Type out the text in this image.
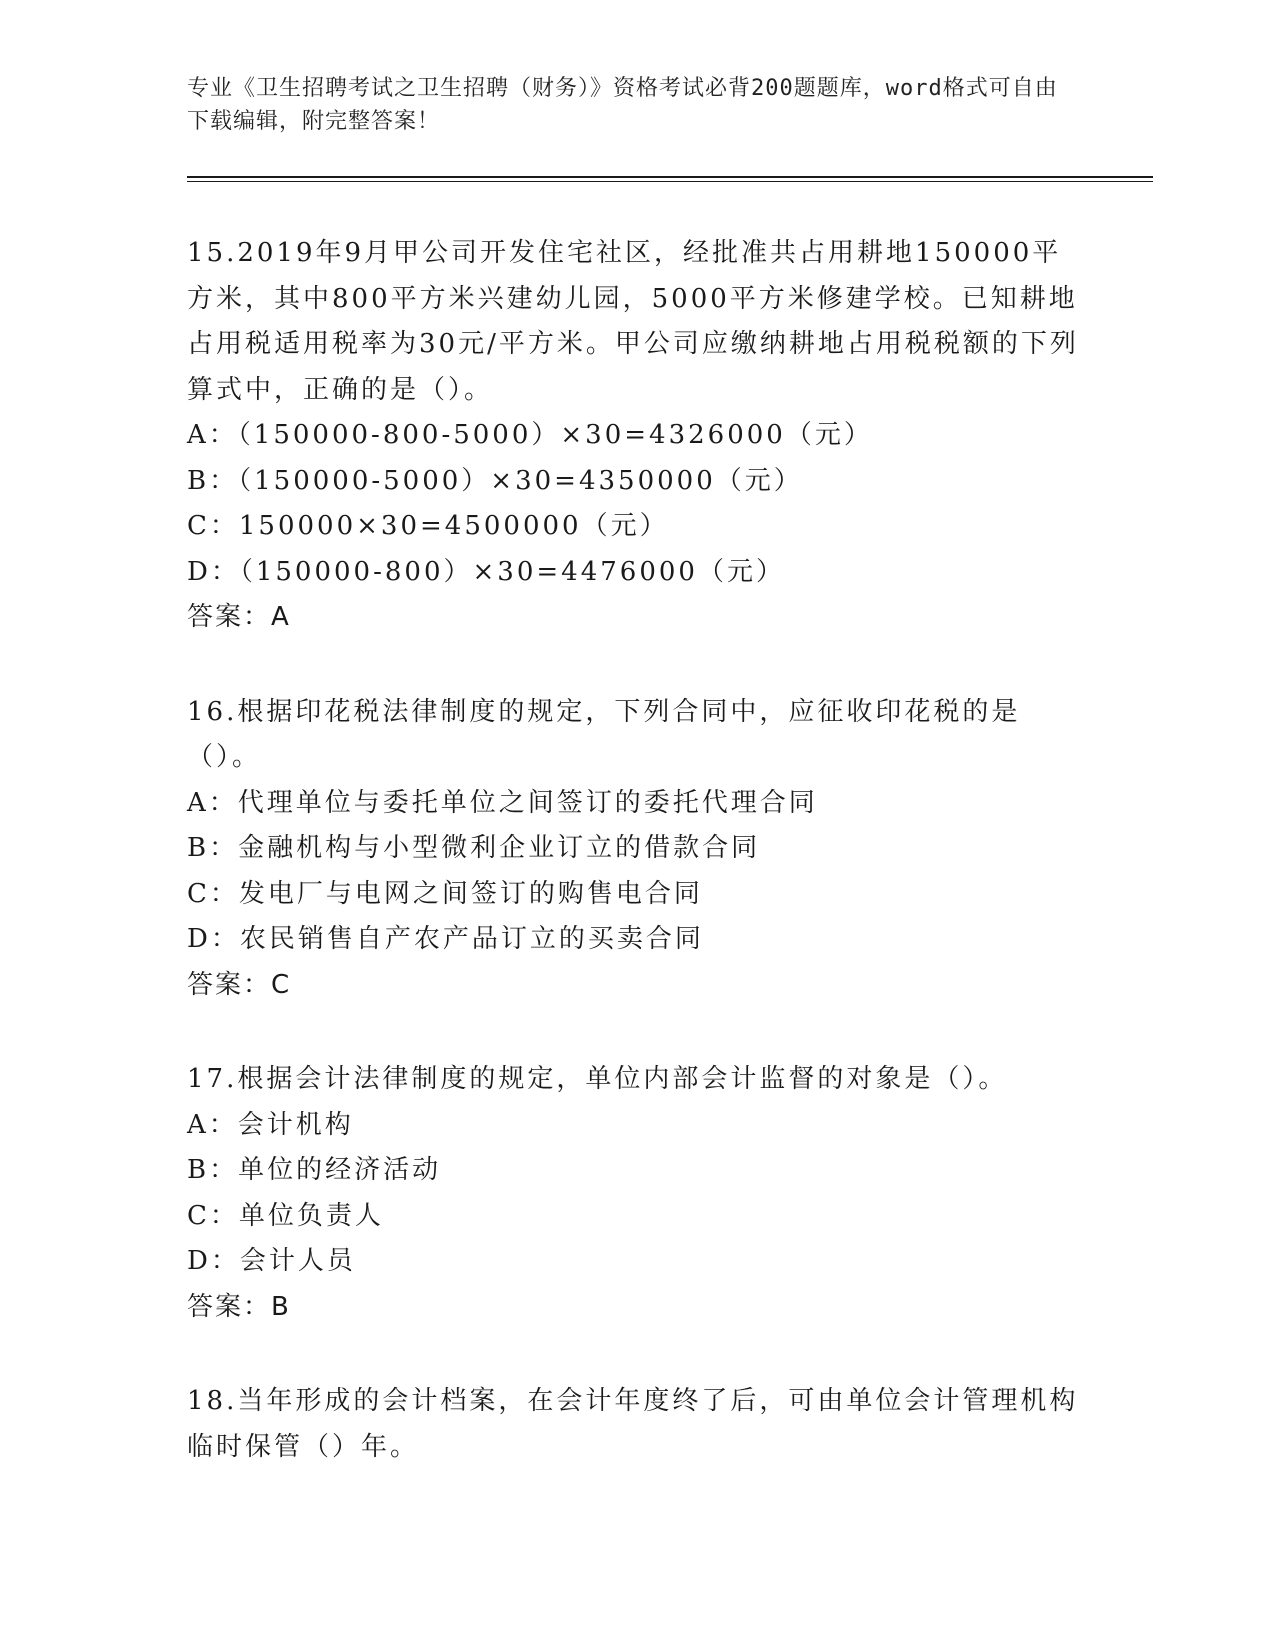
专业《卫生招聘考试之卫生招聘（财务）》资格考试必背200题题库，word格式可自由下载编辑，附完整答案！
15.2019年9月甲公司开发住宅社区，经批准共占用耕地150000平方米，其中800平方米兴建幼儿园，5000平方米修建学校。已知耕地占用税适用税率为30元/平方米。甲公司应缴纳耕地占用税税额的下列算式中，正确的是（）。
A：（150000-800-5000）×30=4326000（元）
B：（150000-5000）×30=4350000（元）
C：150000×30=4500000（元）
D：（150000-800）×30=4476000（元）
答案：A
16.根据印花税法律制度的规定，下列合同中，应征收印花税的是（）。
A：代理单位与委托单位之间签订的委托代理合同
B：金融机构与小型微利企业订立的借款合同
C：发电厂与电网之间签订的购售电合同
D：农民销售自产农产品订立的买卖合同
答案：C
17.根据会计法律制度的规定，单位内部会计监督的对象是（）。
A：会计机构
B：单位的经济活动
C：单位负责人
D：会计人员
答案：B
18.当年形成的会计档案，在会计年度终了后，可由单位会计管理机构临时保管（）年。
